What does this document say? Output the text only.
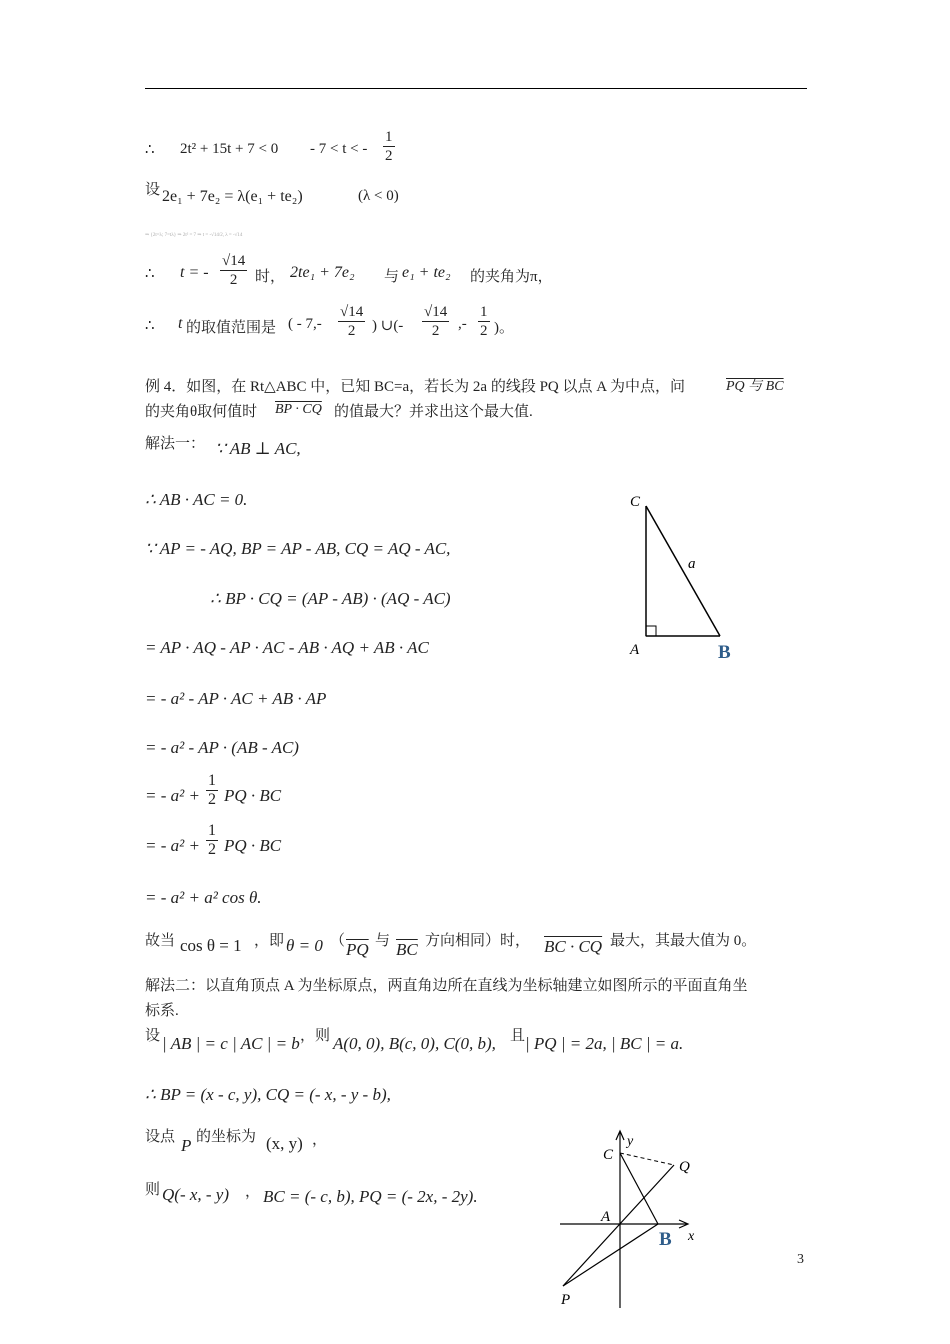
∴ 2t² + 15t + 7 < 0 - 7 < t < - $\frac{1}{2}$
设 2e₁ + 7e₂ = λ(e₁ + te₂)	(λ < 0)
⇒ {2t=λ; 7=tλ} ⇒ 2t² = 7 ⇒ t = -√14/2, λ = -√14
∴ t = - $\frac{√14}{2}$ 时， 2te₁ + 7e₂ 与 e₁ + te₂ 的夹角为π，
∴ t 的取值范围是 ( - $7,- \frac{√14}{2}$ ) ∪(- $\frac{√14}{2}$ ,- $\frac{1}{2}$ )。
例 4．如图，在 Rt△ABC 中，已知 BC=a，若长为 2a 的线段 PQ 以点 A 为中点，问	PQ 与 BC
的夹角θ取何值时 BP · CQ 的值最大？并求出这个最大值.
解法一： ∵ AB ⊥ AC,
∴ AB · AC = 0.
∵ AP = - AQ, BP = AP - AB, CQ = AQ - AC,
∴ BP · CQ = (AP - AB) · (AQ - AC)
= AP · AQ - AP · AC - AB · AQ + AB · AC
= - a² - AP · AC + AB · AP
= - a² - AP · (AB - AC)
= - $a^2 + \frac{1}{2}$ PQ · BC
= - $a^2 + \frac{1}{2}$ PQ · BC
= - a² + a² cos θ.
故当 cos θ = 1 ，即 θ = 0 （ $\overline{PQ}$ 与 $\overline{BC}$ 方向相同）时， BC · CQ 最大，其最大值为 0。
解法二：以直角顶点 A 为坐标原点，两直角边所在直线为坐标轴建立如图所示的平面直角坐
标系.
设 | AB | = c | AC | = b ，则 A(0, 0), B(c, 0), C(0, b), 且 | PQ | = 2a, | BC | = a.
∴ BP = (x - c, y), CQ = (- x, - y - b),
设点 P 的坐标为 (x, y) ，
则 Q(- x, - y) ， BC = (- c, b), PQ = (- 2x, - 2y).
C
a
A	B
y
C
Q
A
B x
P
3
